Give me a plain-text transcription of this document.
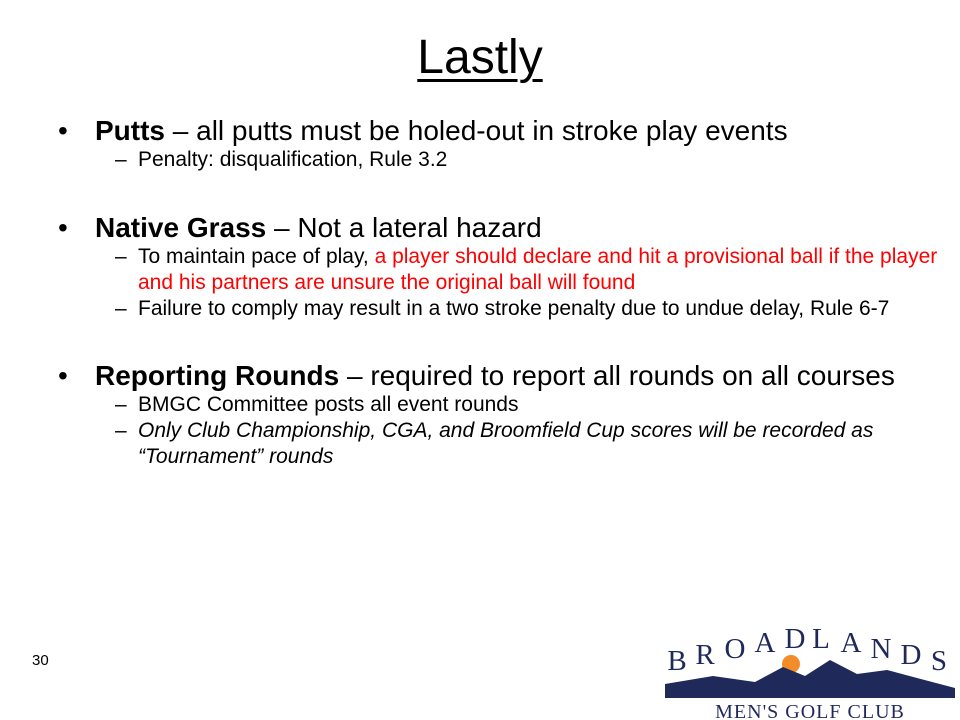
Lastly
• Putts – all putts must be holed-out in stroke play events
– Penalty: disqualification, Rule 3.2
• Native Grass – Not a lateral hazard
– To maintain pace of play, a player should declare and hit a provisional ball if the player and his partners are unsure the original ball will found
– Failure to comply may result in a two stroke penalty due to undue delay, Rule 6-7
• Reporting Rounds – required to report all rounds on all courses
– BMGC Committee posts all event rounds
– Only Club Championship, CGA, and Broomfield Cup scores will be recorded as “Tournament” rounds
30	B R O A D L A N D S
MEN'S GOLF CLUB
